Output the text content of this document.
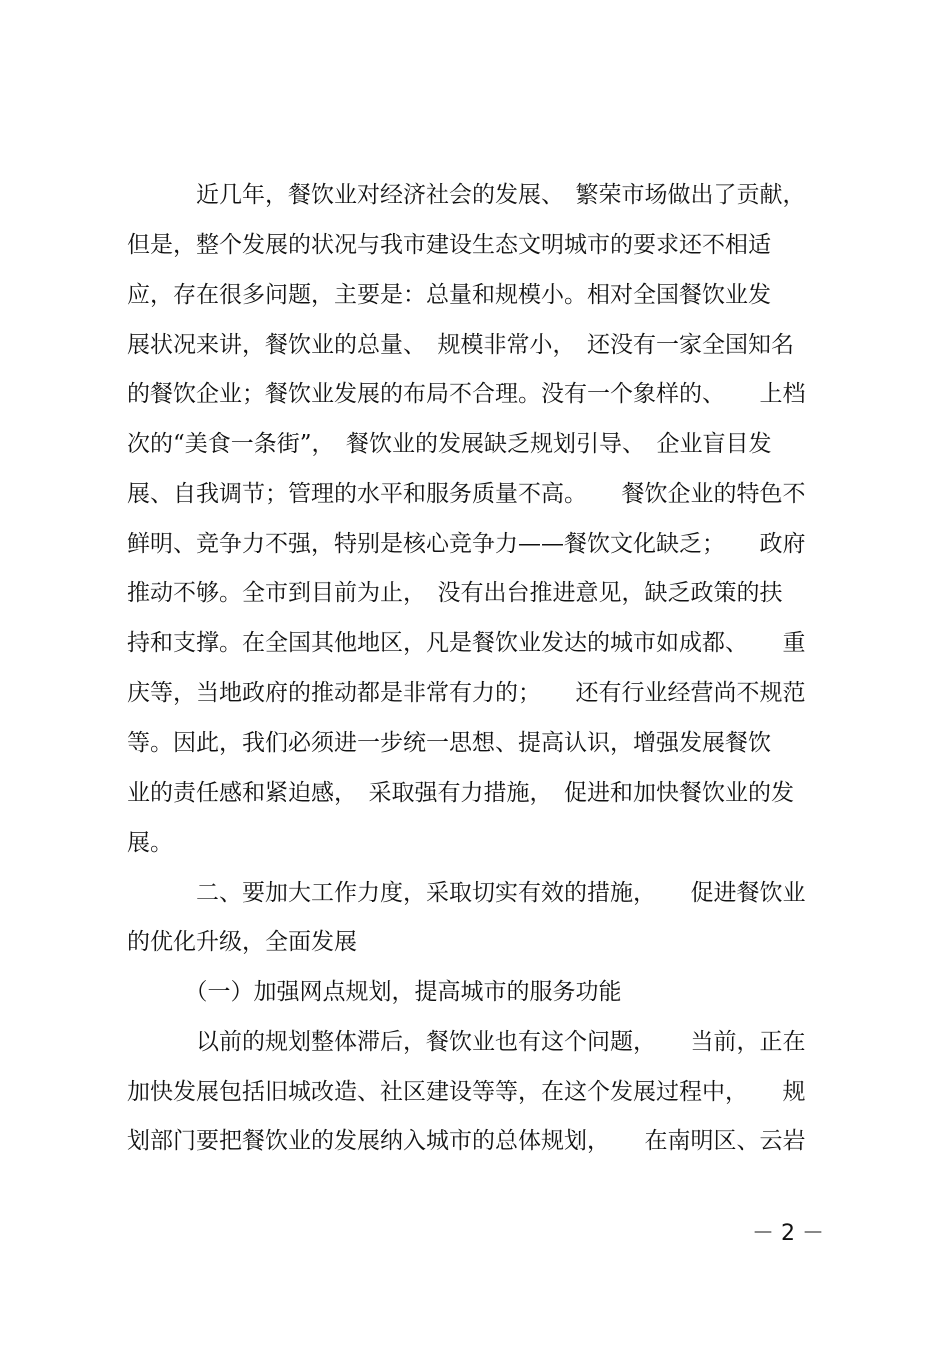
　　　近几年，餐饮业对经济社会的发展、　繁荣市场做出了贡献，
但是，整个发展的状况与我市建设生态文明城市的要求还不相适
应，存在很多问题，主要是：总量和规模小。相对全国餐饮业发
展状况来讲，餐饮业的总量、　规模非常小，　还没有一家全国知名
的餐饮企业；餐饮业发展的布局不合理。没有一个象样的、　　上档
次的“美食一条街”，　餐饮业的发展缺乏规划引导、　企业盲目发
展、自我调节；管理的水平和服务质量不高。　　餐饮企业的特色不
鲜明、竞争力不强，特别是核心竞争力——餐饮文化缺乏；　　政府
推动不够。全市到目前为止，　没有出台推进意见，缺乏政策的扶
持和支撑。在全国其他地区，凡是餐饮业发达的城市如成都、　　重
庆等，当地政府的推动都是非常有力的；　　还有行业经营尚不规范
等。因此，我们必须进一步统一思想、提高认识，增强发展餐饮
业的责任感和紧迫感，　采取强有力措施，　促进和加快餐饮业的发
展。
　　　二、要加大工作力度，采取切实有效的措施，　　促进餐饮业
的优化升级，全面发展
　　　（一）加强网点规划，提高城市的服务功能
　　　以前的规划整体滞后，餐饮业也有这个问题，　　当前，正在
加快发展包括旧城改造、社区建设等等，在这个发展过程中，　　规
划部门要把餐饮业的发展纳入城市的总体规划，　　在南明区、云岩
－ 2 －
